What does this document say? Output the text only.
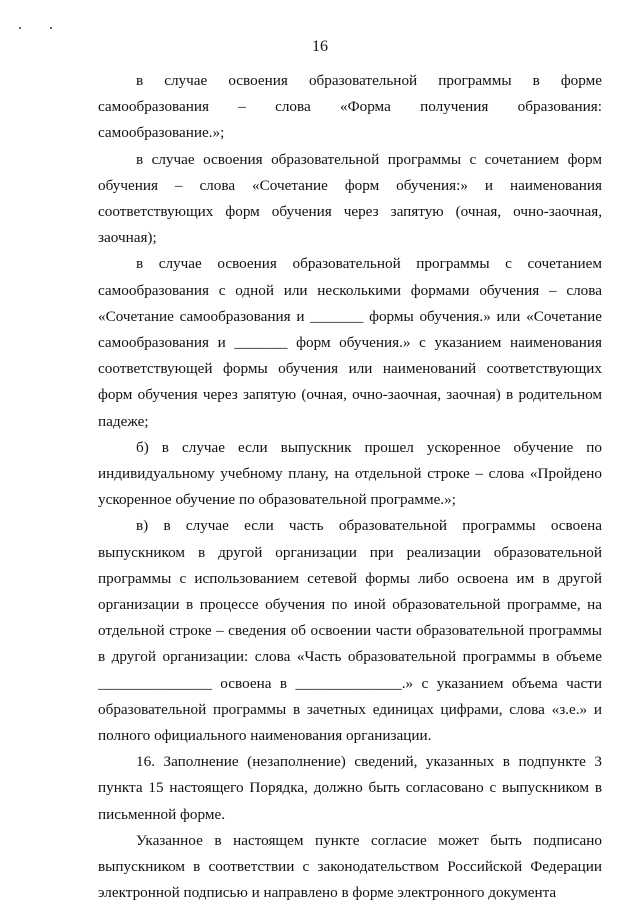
16

в случае освоения образовательной программы в форме самообразования – слова «Форма получения образования: самообразование.»;

в случае освоения образовательной программы с сочетанием форм обучения – слова «Сочетание форм обучения:» и наименования соответствующих форм обучения через запятую (очная, очно-заочная, заочная);

в случае освоения образовательной программы с сочетанием самообразования с одной или несколькими формами обучения – слова «Сочетание самообразования и _______ формы обучения.» или «Сочетание самообразования и _______ форм обучения.» с указанием наименования соответствующей формы обучения или наименований соответствующих форм обучения через запятую (очная, очно-заочная, заочная) в родительном падеже;

б) в случае если выпускник прошел ускоренное обучение по индивидуальному учебному плану, на отдельной строке – слова «Пройдено ускоренное обучение по образовательной программе.»;

в) в случае если часть образовательной программы освоена выпускником в другой организации при реализации образовательной программы с использованием сетевой формы либо освоена им в другой организации в процессе обучения по иной образовательной программе, на отдельной строке – сведения об освоении части образовательной программы в другой организации: слова «Часть образовательной программы в объеме _______________ освоена в ______________.» с указанием объема части образовательной программы в зачетных единицах цифрами, слова «з.е.» и полного официального наименования организации.

16. Заполнение (незаполнение) сведений, указанных в подпункте 3 пункта 15 настоящего Порядка, должно быть согласовано с выпускником в письменной форме.

Указанное в настоящем пункте согласие может быть подписано выпускником в соответствии с законодательством Российской Федерации электронной подписью и направлено в форме электронного документа
